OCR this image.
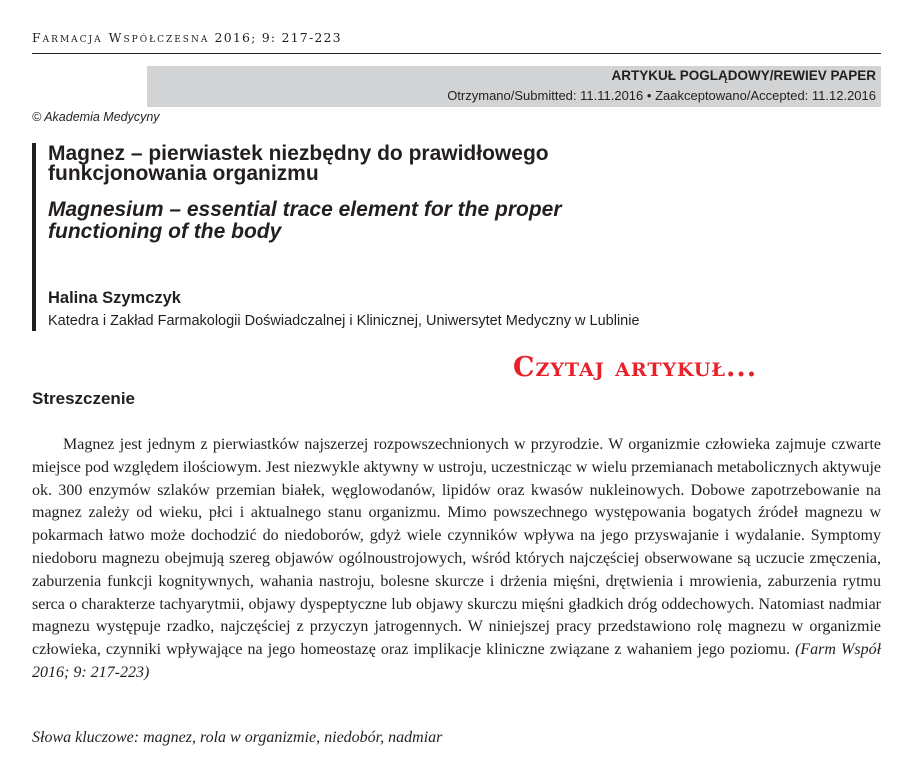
Farmacja Współczesna 2016; 9: 217-223
ARTYKUŁ POGLĄDOWY/REWIEV PAPER
Otrzymano/Submitted: 11.11.2016 • Zaakceptowano/Accepted: 11.12.2016
© Akademia Medycyny
Magnez – pierwiastek niezbędny do prawidłowego
funkcjonowania organizmu
Magnesium – essential trace element for the proper
functioning of the body
Halina Szymczyk
Katedra i Zakład Farmakologii Doświadczalnej i Klinicznej, Uniwersytet Medyczny w Lublinie
Czytaj artykuł...
Streszczenie

Magnez jest jednym z pierwiastków najszerzej rozpowszechnionych w przyrodzie. W organizmie człowieka zajmuje czwarte miejsce pod względem ilościowym. Jest niezwykle aktywny w ustroju, uczestnicząc w wielu przemianach metabolicznych aktywuje ok. 300 enzymów szlaków przemian białek, węglowodanów, lipidów oraz kwasów nukleinowych. Dobowe zapotrzebowanie na magnez zależy od wieku, płci i aktualnego stanu organizmu. Mimo powszechnego występowania bogatych źródeł magnezu w pokarmach łatwo może dochodzić do niedoborów, gdyż wiele czynników wpływa na jego przyswajanie i wydalanie. Symptomy niedoboru magnezu obejmują szereg objawów ogólnoustrojowych, wśród których najczęściej obserwowane są uczucie zmęczenia, zaburzenia funkcji kognitywnych, wahania nastroju, bolesne skurcze i drżenia mięśni, drętwienia i mrowienia, zaburzenia rytmu serca o charakterze tachyarytmii, objawy dyspeptyczne lub objawy skurczu mięśni gładkich dróg oddechowych. Natomiast nadmiar magnezu występuje rzadko, najczęściej z przyczyn jatrogennych. W niniejszej pracy przedstawiono rolę magnezu w organizmie człowieka, czynniki wpływające na jego homeostazę oraz implikacje kliniczne związane z wahaniem jego poziomu. (Farm Współ 2016; 9: 217-223)

Słowa kluczowe: magnez, rola w organizmie, niedobór, nadmiar
